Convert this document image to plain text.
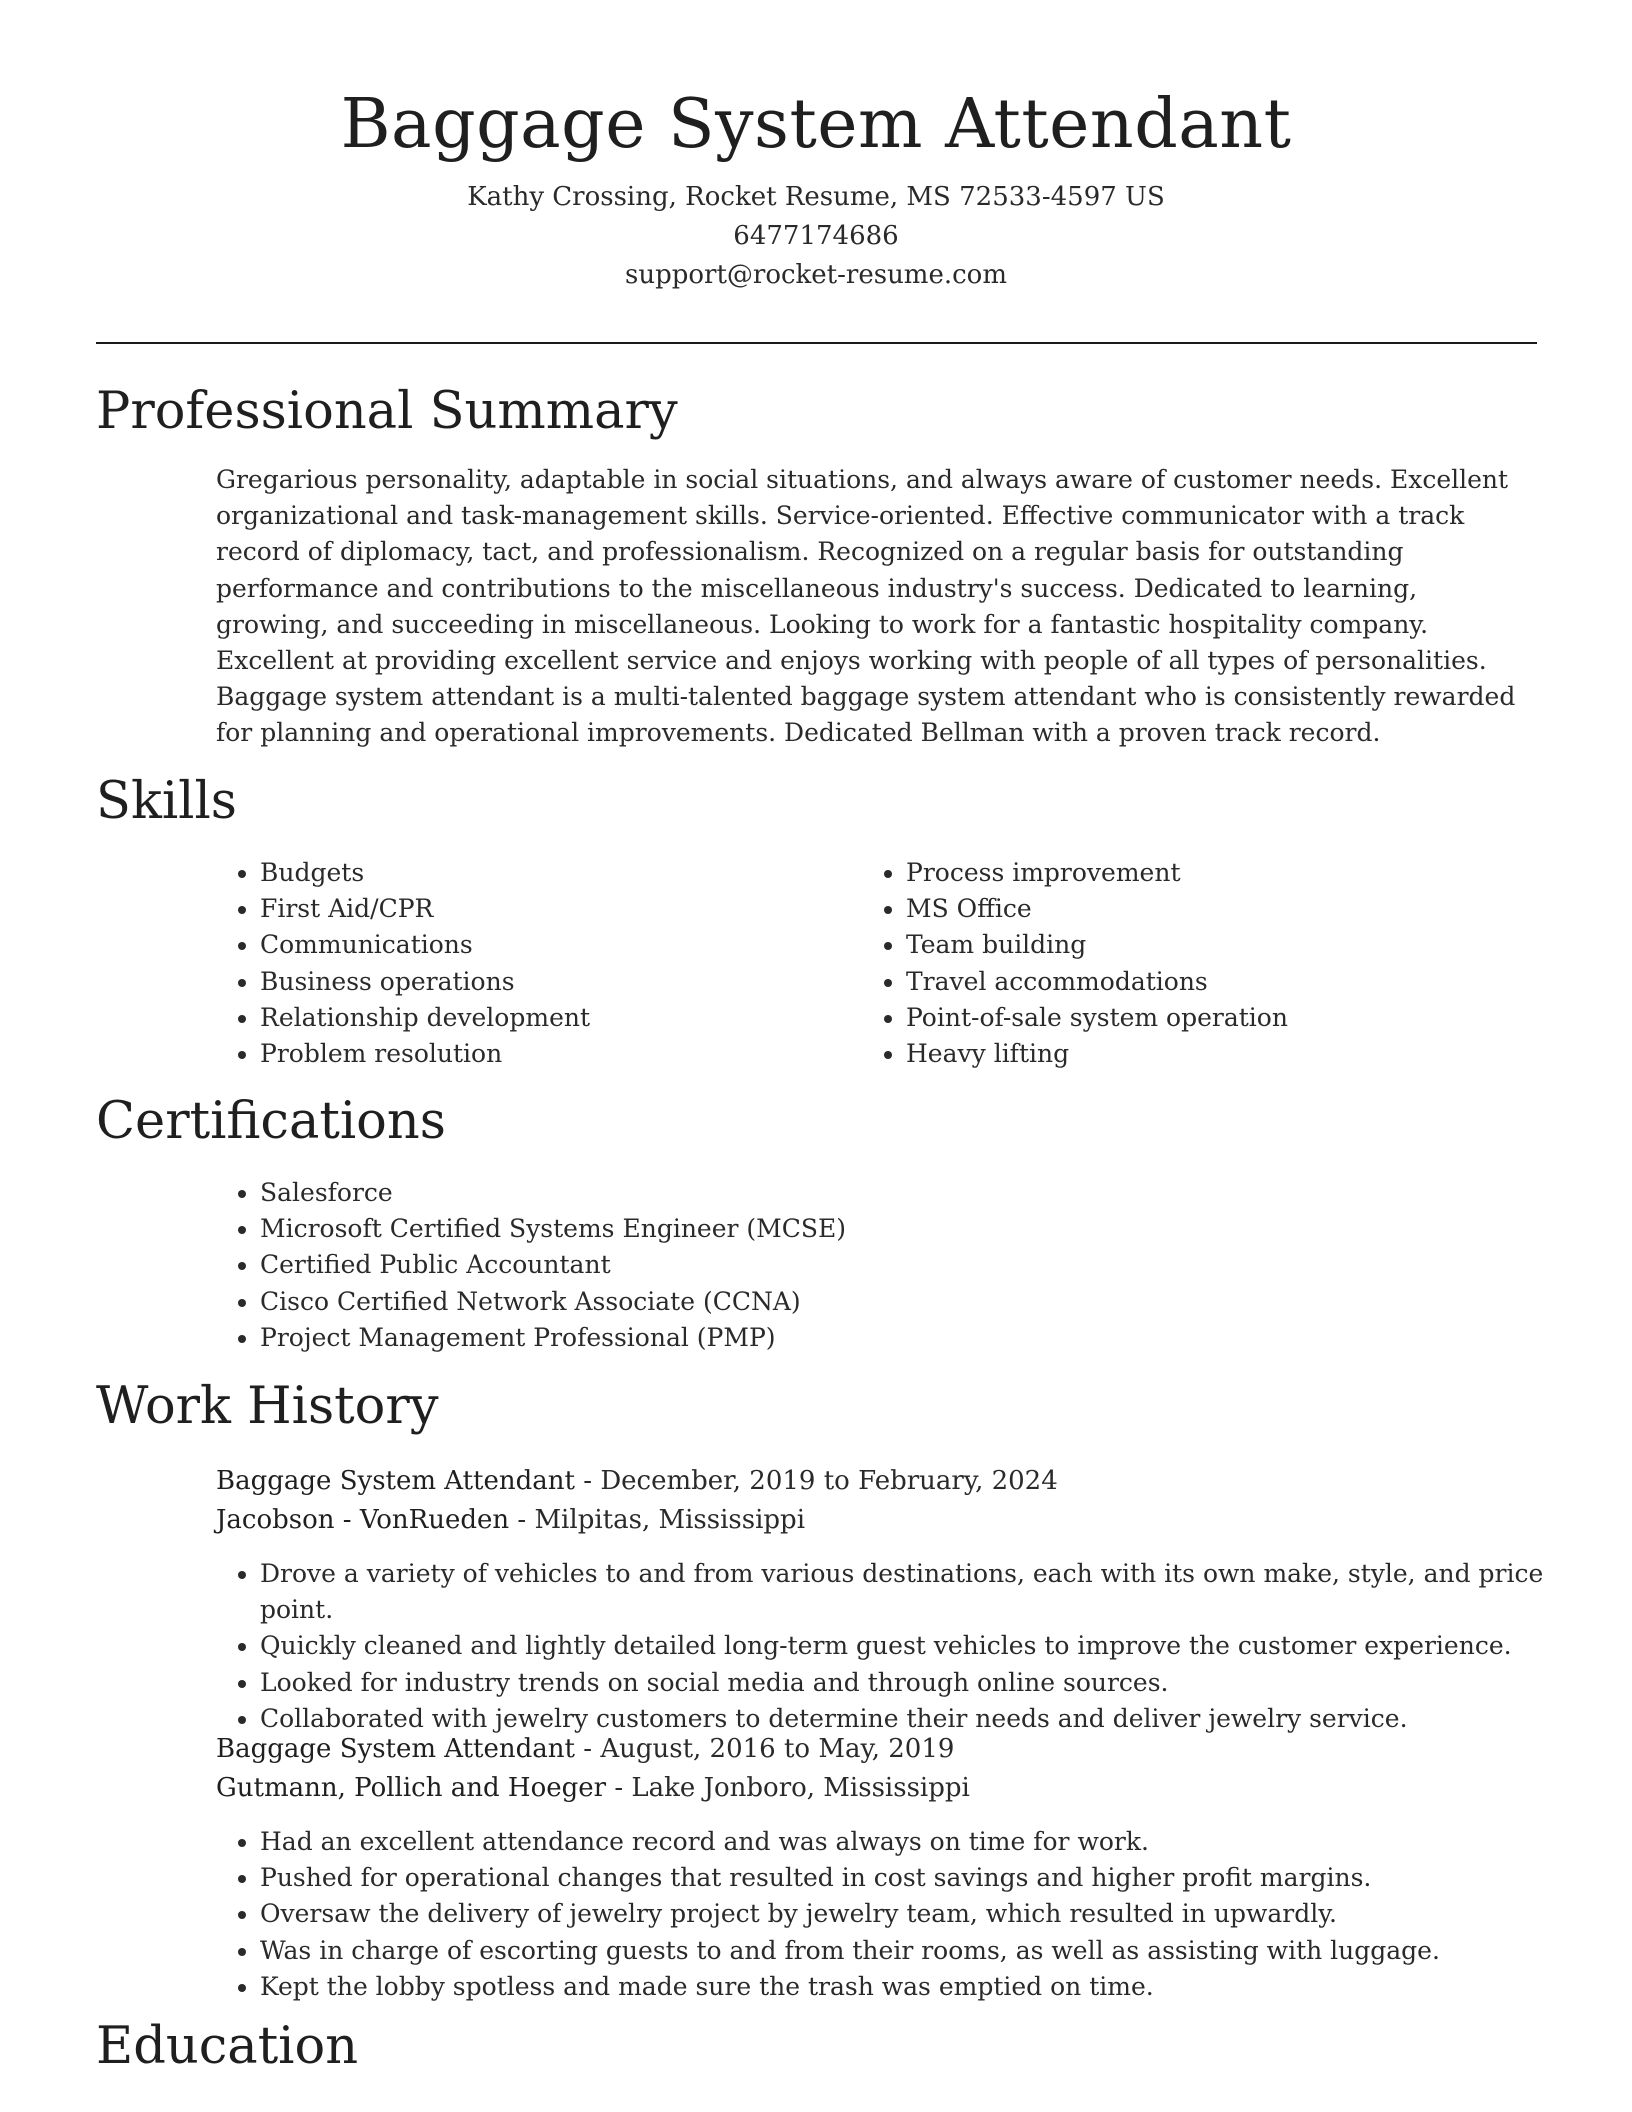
Baggage System Attendant
Kathy Crossing, Rocket Resume, MS 72533-4597 US
6477174686
support@rocket-resume.com
Professional Summary

Gregarious personality, adaptable in social situations, and always aware of customer needs. Excellent organizational and task-management skills. Service-oriented. Effective communicator with a track record of diplomacy, tact, and professionalism. Recognized on a regular basis for outstanding performance and contributions to the miscellaneous industry's success. Dedicated to learning, growing, and succeeding in miscellaneous. Looking to work for a fantastic hospitality company. Excellent at providing excellent service and enjoys working with people of all types of personalities. Baggage system attendant is a multi-talented baggage system attendant who is consistently rewarded for planning and operational improvements. Dedicated Bellman with a proven track record.

Skills
• Budgets
• First Aid/CPR
• Communications
• Business operations
• Relationship development
• Problem resolution
• Process improvement
• MS Office
• Team building
• Travel accommodations
• Point-of-sale system operation
• Heavy lifting
Certifications
• Salesforce
• Microsoft Certified Systems Engineer (MCSE)
• Certified Public Accountant
• Cisco Certified Network Associate (CCNA)
• Project Management Professional (PMP)
Work History
Baggage System Attendant - December, 2019 to February, 2024
Jacobson - VonRueden - Milpitas, Mississippi
• Drove a variety of vehicles to and from various destinations, each with its own make, style, and price point.
• Quickly cleaned and lightly detailed long-term guest vehicles to improve the customer experience.
• Looked for industry trends on social media and through online sources.
• Collaborated with jewelry customers to determine their needs and deliver jewelry service.
Baggage System Attendant - August, 2016 to May, 2019
Gutmann, Pollich and Hoeger - Lake Jonboro, Mississippi
• Had an excellent attendance record and was always on time for work.
• Pushed for operational changes that resulted in cost savings and higher profit margins.
• Oversaw the delivery of jewelry project by jewelry team, which resulted in upwardly.
• Was in charge of escorting guests to and from their rooms, as well as assisting with luggage.
• Kept the lobby spotless and made sure the trash was emptied on time.
Education
